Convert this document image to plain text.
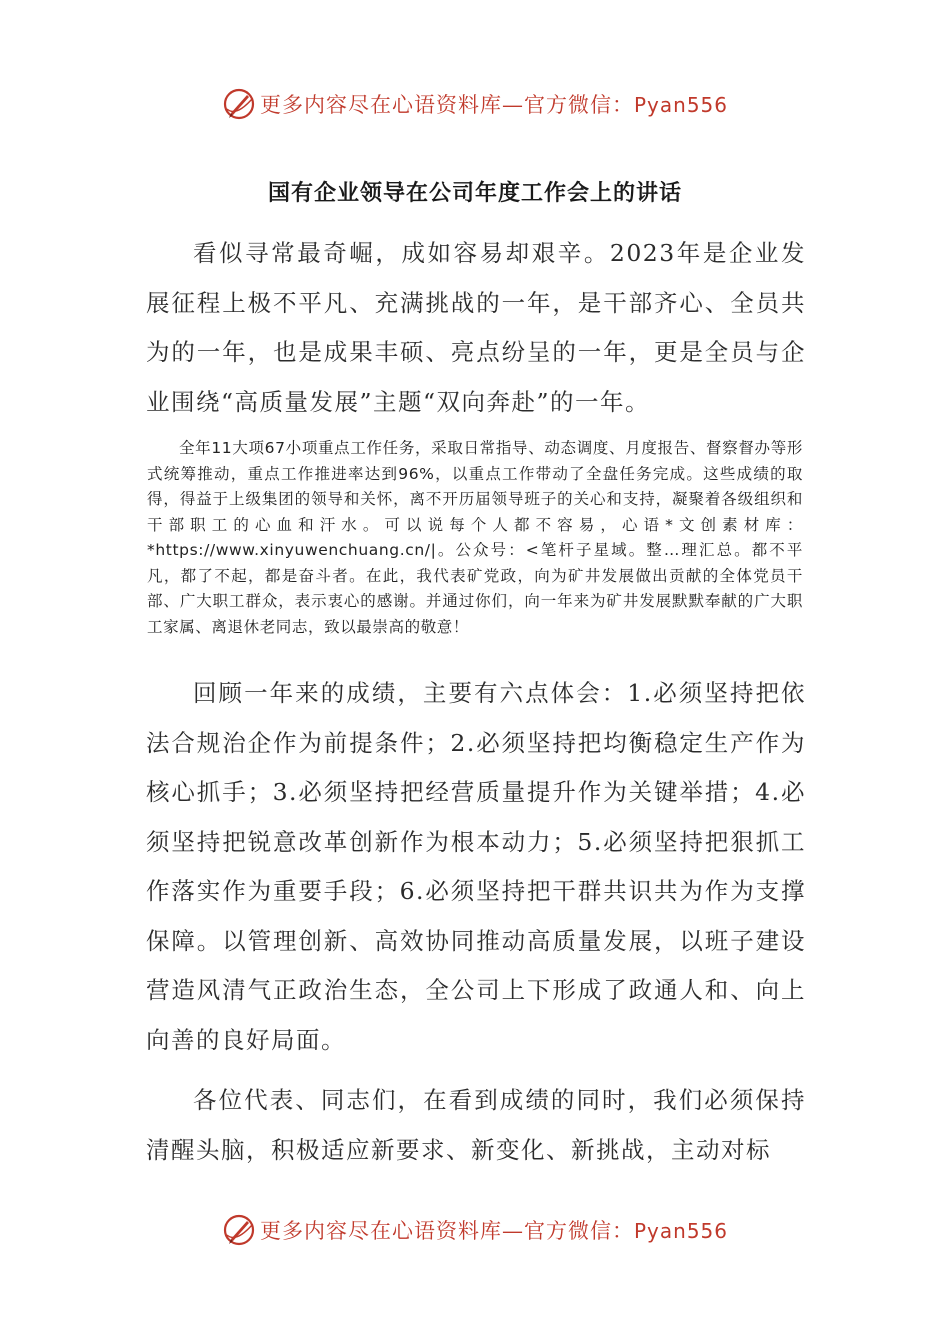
更多内容尽在心语资料库—官方微信：Pyan556
国有企业领导在公司年度工作会上的讲话

看似寻常最奇崛，成如容易却艰辛。2023年是企业发展征程上极不平凡、充满挑战的一年，是干部齐心、全员共为的一年，也是成果丰硕、亮点纷呈的一年，更是全员与企业围绕“高质量发展”主题“双向奔赴”的一年。

全年11大项67小项重点工作任务，采取日常指导、动态调度、月度报告、督察督办等形式统筹推动，重点工作推进率达到96%，以重点工作带动了全盘任务完成。这些成绩的取得，得益于上级集团的领导和关怀，离不开历届领导班子的关心和支持，凝聚着各级组织和干部职工的心血和汗水。可以说每个人都不容易，心语*文创素材库：*https://www.xinyuwenchuang.cn/|。公众号：<笔杆子星域。整…理汇总。都不平凡，都了不起，都是奋斗者。在此，我代表矿党政，向为矿井发展做出贡献的全体党员干部、广大职工群众，表示衷心的感谢。并通过你们，向一年来为矿井发展默默奉献的广大职工家属、离退休老同志，致以最崇高的敬意！

回顾一年来的成绩，主要有六点体会：1.必须坚持把依法合规治企作为前提条件；2.必须坚持把均衡稳定生产作为核心抓手；3.必须坚持把经营质量提升作为关键举措；4.必须坚持把锐意改革创新作为根本动力；5.必须坚持把狠抓工作落实作为重要手段；6.必须坚持把干群共识共为作为支撑保障。以管理创新、高效协同推动高质量发展，以班子建设营造风清气正政治生态，全公司上下形成了政通人和、向上向善的良好局面。

各位代表、同志们，在看到成绩的同时，我们必须保持清醒头脑，积极适应新要求、新变化、新挑战，主动对标

更多内容尽在心语资料库—官方微信：Pyan556
